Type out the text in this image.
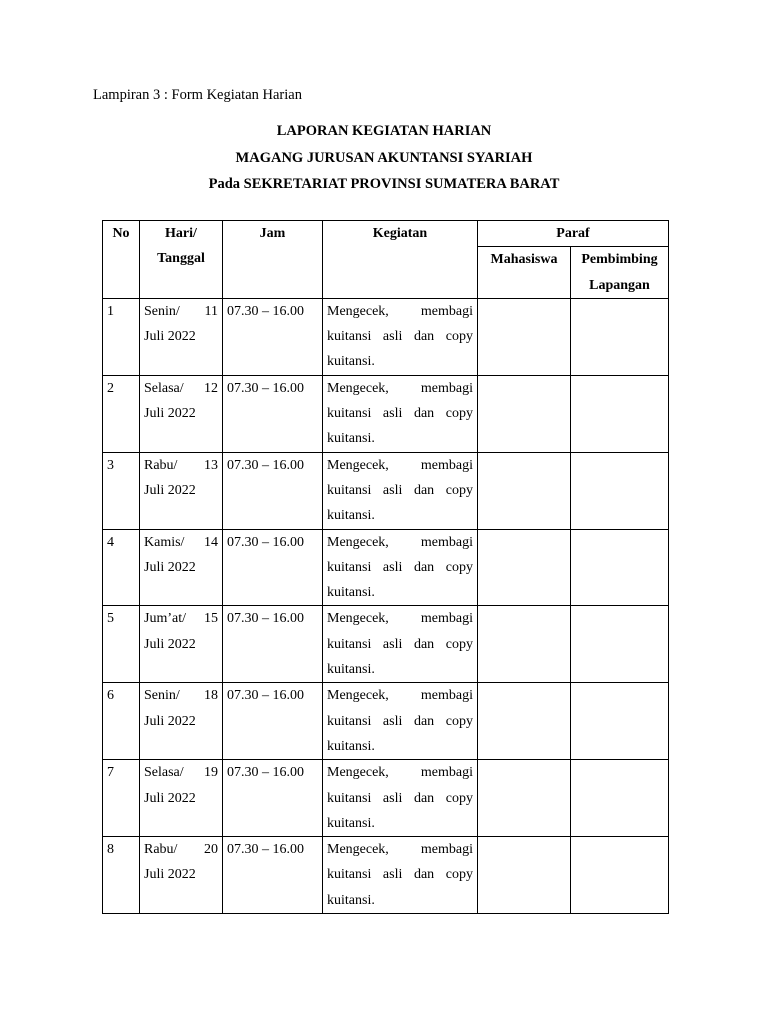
Lampiran 3 : Form Kegiatan Harian

LAPORAN KEGIATAN HARIAN
MAGANG JURUSAN AKUNTANSI SYARIAH
Pada SEKRETARIAT PROVINSI SUMATERA BARAT
No	Hari/ Tanggal	Jam	Kegiatan	Paraf	
				Mahasiswa	Pembimbing Lapangan
1	Senin/ 11 Juli 2022	07.30 – 16.00	Mengecek, membagi kuitansi asli dan copy kuitansi.		
2	Selasa/ 12 Juli 2022	07.30 – 16.00	Mengecek, membagi kuitansi asli dan copy kuitansi.		
3	Rabu/ 13 Juli 2022	07.30 – 16.00	Mengecek, membagi kuitansi asli dan copy kuitansi.		
4	Kamis/ 14 Juli 2022	07.30 – 16.00	Mengecek, membagi kuitansi asli dan copy kuitansi.		
5	Jum’at/ 15 Juli 2022	07.30 – 16.00	Mengecek, membagi kuitansi asli dan copy kuitansi.		
6	Senin/ 18 Juli 2022	07.30 – 16.00	Mengecek, membagi kuitansi asli dan copy kuitansi.		
7	Selasa/ 19 Juli 2022	07.30 – 16.00	Mengecek, membagi kuitansi asli dan copy kuitansi.		
8	Rabu/ 20 Juli 2022	07.30 – 16.00	Mengecek, membagi kuitansi asli dan copy kuitansi.		
